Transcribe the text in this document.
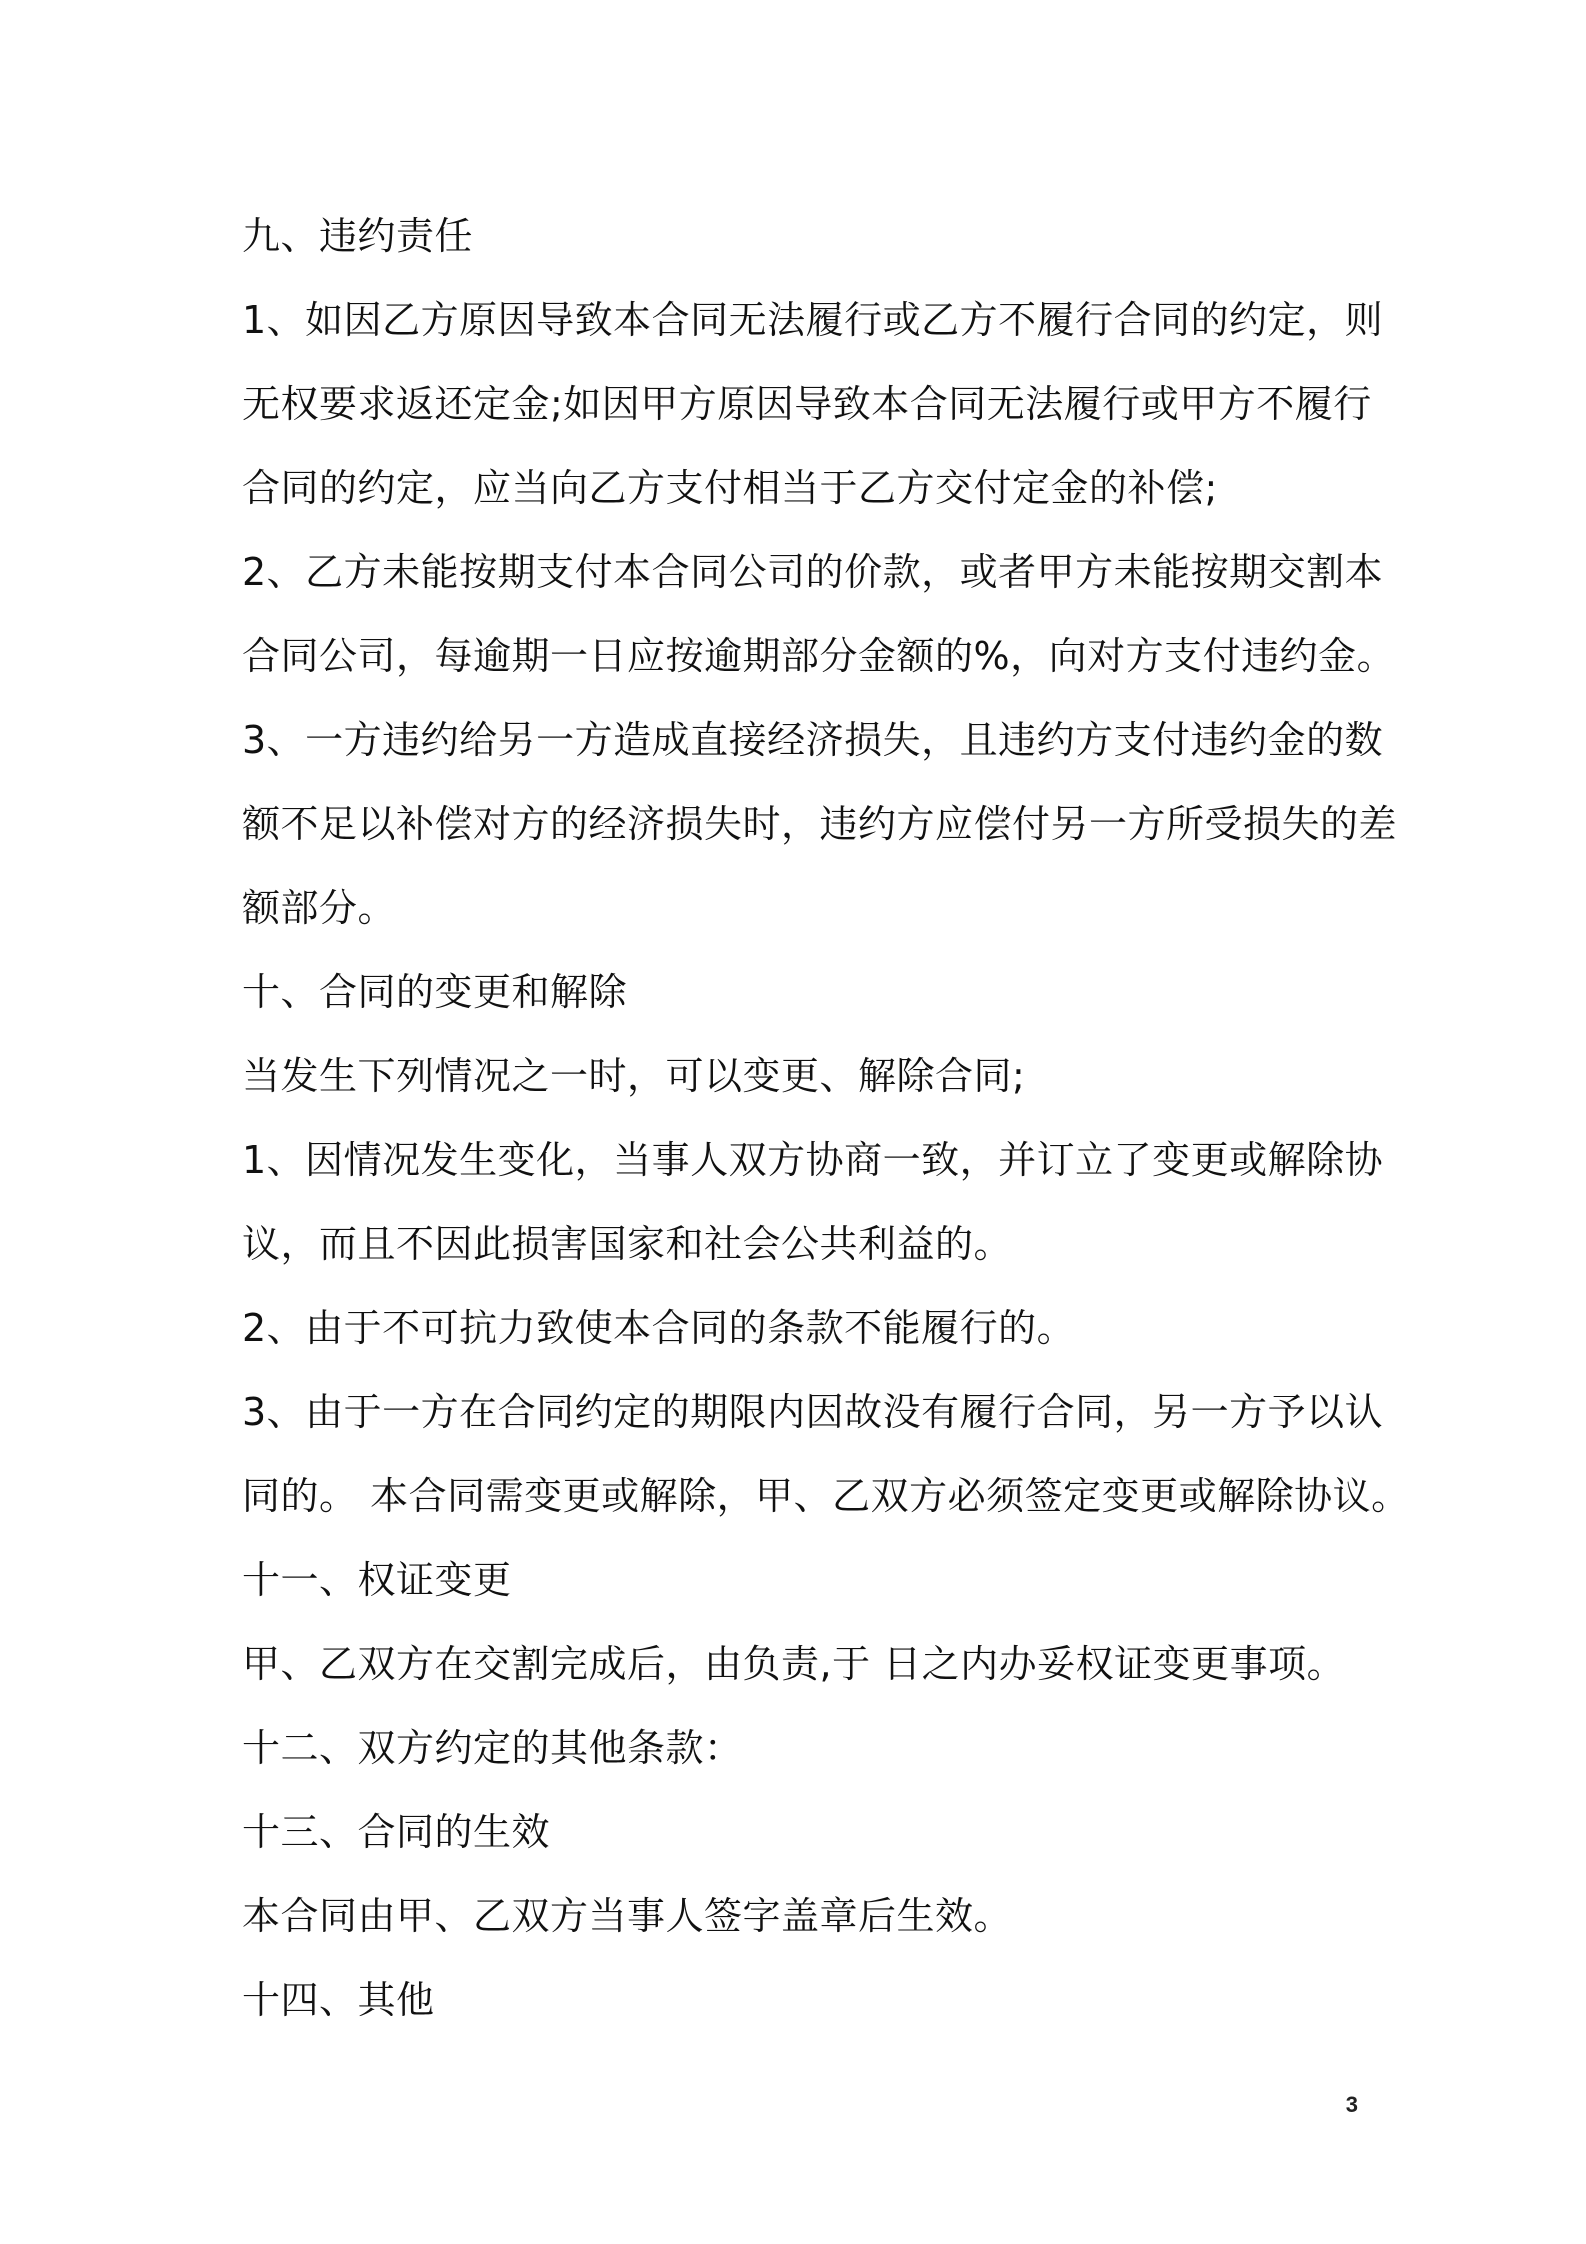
九、违约责任
1、如因乙方原因导致本合同无法履行或乙方不履行合同的约定，则
无权要求返还定金;如因甲方原因导致本合同无法履行或甲方不履行
合同的约定，应当向乙方支付相当于乙方交付定金的补偿;
2、乙方未能按期支付本合同公司的价款，或者甲方未能按期交割本
合同公司，每逾期一日应按逾期部分金额的%，向对方支付违约金。
3、一方违约给另一方造成直接经济损失，且违约方支付违约金的数
额不足以补偿对方的经济损失时，违约方应偿付另一方所受损失的差
额部分。
十、合同的变更和解除
当发生下列情况之一时，可以变更、解除合同;
1、因情况发生变化，当事人双方协商一致，并订立了变更或解除协
议，而且不因此损害国家和社会公共利益的。
2、由于不可抗力致使本合同的条款不能履行的。
3、由于一方在合同约定的期限内因故没有履行合同，另一方予以认
同的。 本合同需变更或解除，甲、乙双方必须签定变更或解除协议。
十一、权证变更
甲、乙双方在交割完成后，由负责,于 日之内办妥权证变更事项。
十二、双方约定的其他条款：
十三、合同的生效
本合同由甲、乙双方当事人签字盖章后生效。
十四、其他
3
